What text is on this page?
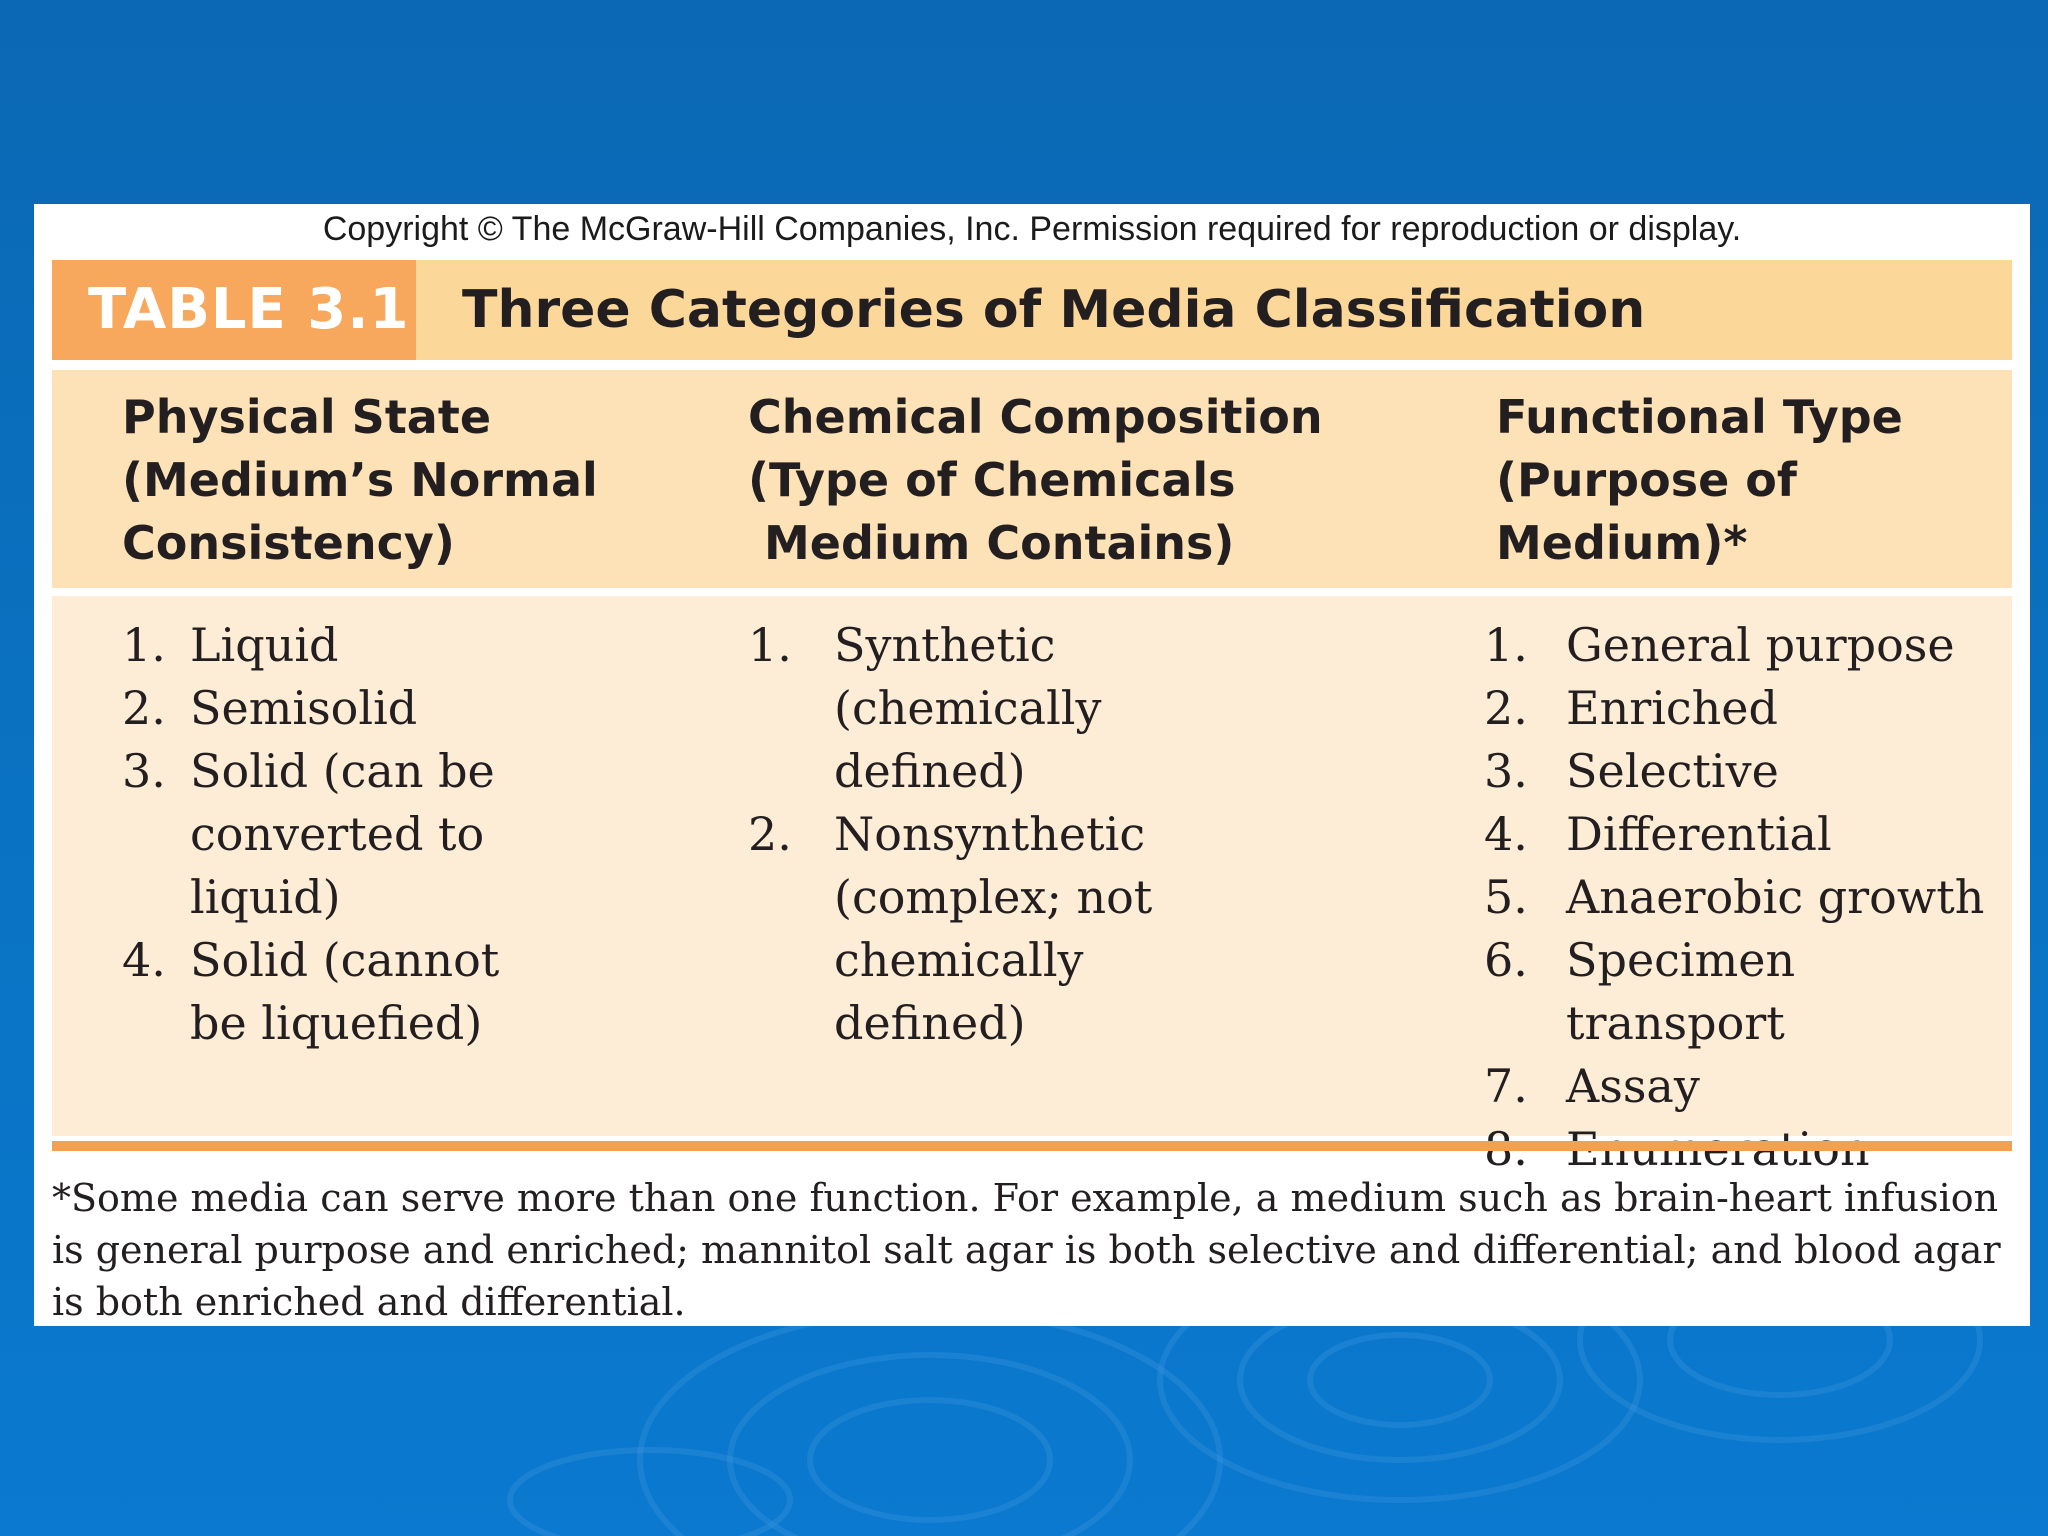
Copyright © The McGraw-Hill Companies, Inc. Permission required for reproduction or display.
TABLE 3.1 Three Categories of Media Classification
Physical State
(Medium’s Normal
Consistency)
Chemical Composition
(Type of Chemicals
Medium Contains)
Functional Type
(Purpose of
Medium)*
1. Liquid
2. Semisolid
3. Solid (can be converted to liquid)
4. Solid (cannot be liquefied)
1. Synthetic (chemically defined)
2. Nonsynthetic (complex; not chemically defined)
1. General purpose
2. Enriched
3. Selective
4. Differential
5. Anaerobic growth
6. Specimen transport
7. Assay
*Some media can serve more than one function. For example, a medium such as brain-heart infusion is general purpose and enriched; mannitol salt agar is both selective and differential; and blood agar is both enriched and differential.
